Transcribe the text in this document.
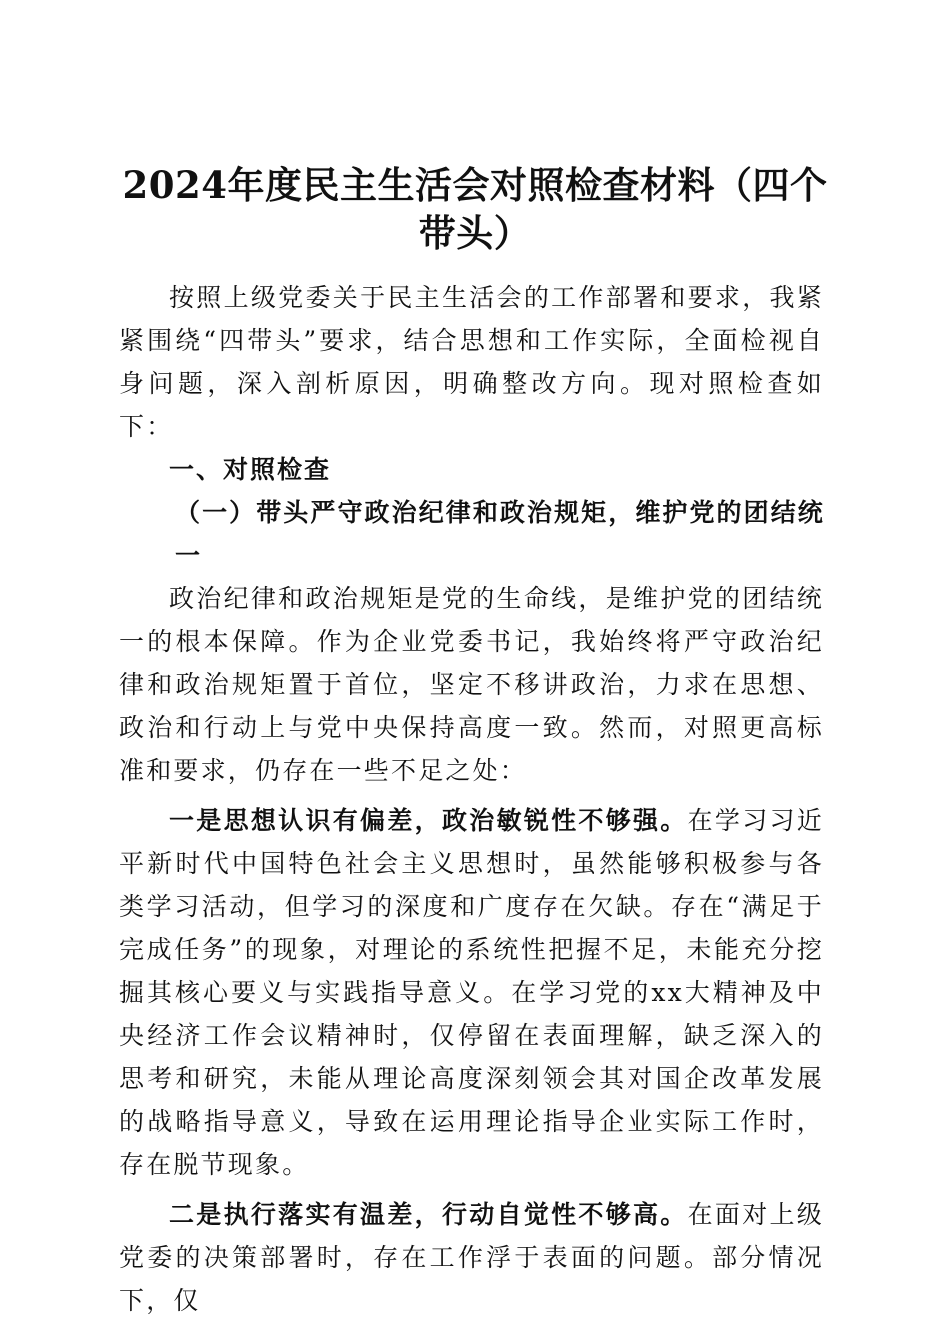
2024年度民主生活会对照检查材料（四个带头）

按照上级党委关于民主生活会的工作部署和要求，我紧紧围绕“四带头”要求，结合思想和工作实际，全面检视自身问题，深入剖析原因，明确整改方向。现对照检查如下：

一、对照检查

（一）带头严守政治纪律和政治规矩，维护党的团结统一

政治纪律和政治规矩是党的生命线，是维护党的团结统一的根本保障。作为企业党委书记，我始终将严守政治纪律和政治规矩置于首位，坚定不移讲政治，力求在思想、政治和行动上与党中央保持高度一致。然而，对照更高标准和要求，仍存在一些不足之处：

一是思想认识有偏差，政治敏锐性不够强。在学习习近平新时代中国特色社会主义思想时，虽然能够积极参与各类学习活动，但学习的深度和广度存在欠缺。存在“满足于完成任务”的现象，对理论的系统性把握不足，未能充分挖掘其核心要义与实践指导意义。在学习党的xx大精神及中央经济工作会议精神时，仅停留在表面理解，缺乏深入的思考和研究，未能从理论高度深刻领会其对国企改革发展的战略指导意义，导致在运用理论指导企业实际工作时，存在脱节现象。

二是执行落实有温差，行动自觉性不够高。在面对上级党委的决策部署时，存在工作浮于表面的问题。部分情况下，仅
